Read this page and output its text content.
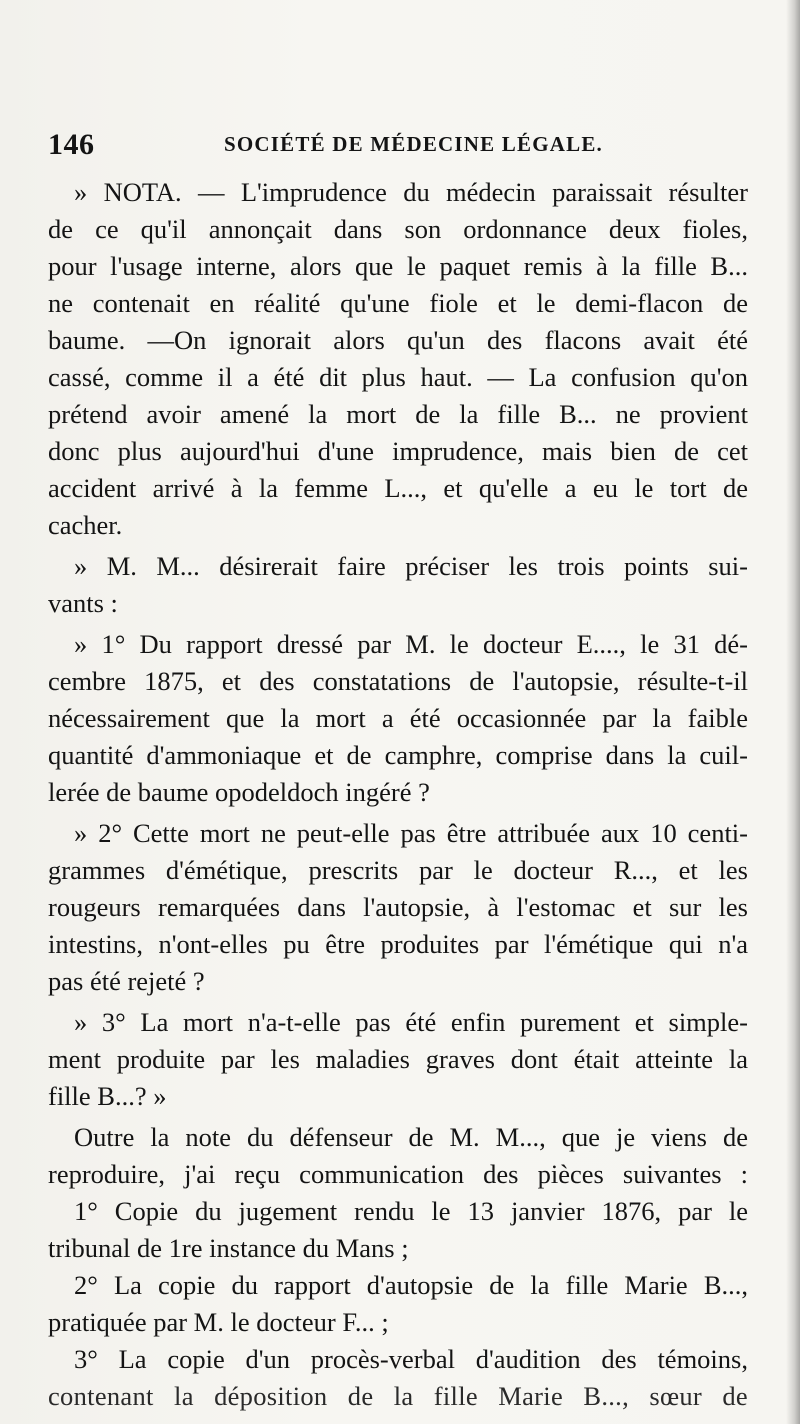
146	SOCIÉTÉ DE MÉDECINE LÉGALE.
» NOTA. — L'imprudence du médecin paraissait résulter
de ce qu'il annonçait dans son ordonnance deux fioles,
pour l'usage interne, alors que le paquet remis à la fille B...
ne contenait en réalité qu'une fiole et le demi-flacon de
baume. —On ignorait alors qu'un des flacons avait été
cassé, comme il a été dit plus haut. — La confusion qu'on
prétend avoir amené la mort de la fille B... ne provient
donc plus aujourd'hui d'une imprudence, mais bien de cet
accident arrivé à la femme L..., et qu'elle a eu le tort de
cacher.
» M. M... désirerait faire préciser les trois points sui-
vants :
» 1° Du rapport dressé par M. le docteur E...., le 31 dé-
cembre 1875, et des constatations de l'autopsie, résulte-t-il
nécessairement que la mort a été occasionnée par la faible
quantité d'ammoniaque et de camphre, comprise dans la cuil-
lerée de baume opodeldoch ingéré ?
» 2° Cette mort ne peut-elle pas être attribuée aux 10 centi-
grammes d'émétique, prescrits par le docteur R..., et les
rougeurs remarquées dans l'autopsie, à l'estomac et sur les
intestins, n'ont-elles pu être produites par l'émétique qui n'a
pas été rejeté ?
» 3° La mort n'a-t-elle pas été enfin purement et simple-
ment produite par les maladies graves dont était atteinte la
fille B...? »
Outre la note du défenseur de M. M..., que je viens de
reproduire, j'ai reçu communication des pièces suivantes :
1° Copie du jugement rendu le 13 janvier 1876, par le
tribunal de 1re instance du Mans ;
2° La copie du rapport d'autopsie de la fille Marie B...,
pratiquée par M. le docteur F... ;
3° La copie d'un procès-verbal d'audition des témoins,
contenant la déposition de la fille Marie B..., sœur de
